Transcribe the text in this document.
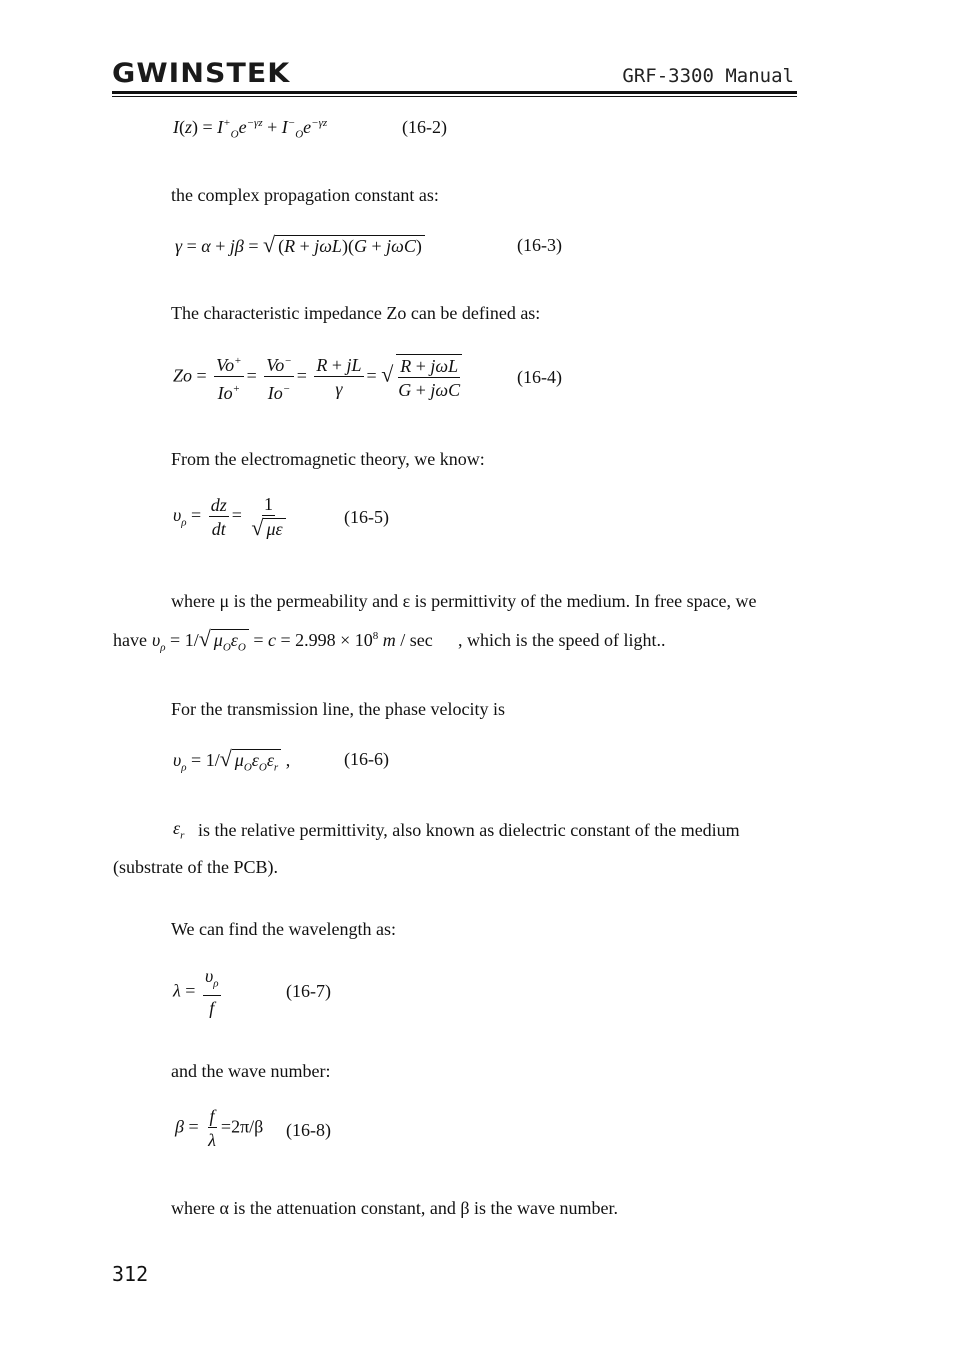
GWINSTEK	GRF-3300 Manual
$I(z) = I^+_Oe^{-\gamma z} + I^-_Oe^{-\gamma z}$	(16-2)
the complex propagation constant as:
γ = α + jβ = √ (R + jωL)(G + jωC)	(16-3)
The characteristic impedance Zo can be defined as:
$Zo = \frac{Vo^+}{Io^+} = \frac{Vo^-}{Io^-} = \frac{R + jL}{\gamma}$ = √ $\frac{\text{R + jωL}}{\text{G + jωC}}$	(16-4)
From the electromagnetic theory, we know:
$\upsilon_\rho = \frac{dz}{dt} = \frac{1}{√ \mu\varepsilon}$	(16-5)
where μ is the permeability and ε is permittivity of the medium. In free space, we
have $\upsilon_\rho = 1/√$ $\mu_O\varepsilon_O = c = 2.998 \times 10^8$ m / sec , which is the speed of light..
For the transmission line, the phase velocity is
$\upsilon_\rho = 1/√$ $\mu_O\varepsilon_O\varepsilon_r$ ,	(16-6)
$\varepsilon_r$ is the relative permittivity, also known as dielectric constant of the medium
(substrate of the PCB).
We can find the wavelength as:
$\lambda = \frac{\upsilon_\rho}{f}$	(16-7)
and the wave number:
$\beta = \frac{f}{\lambda} =2\pi/\beta$ (16-8)
where α is the attenuation constant, and β is the wave number.
312
